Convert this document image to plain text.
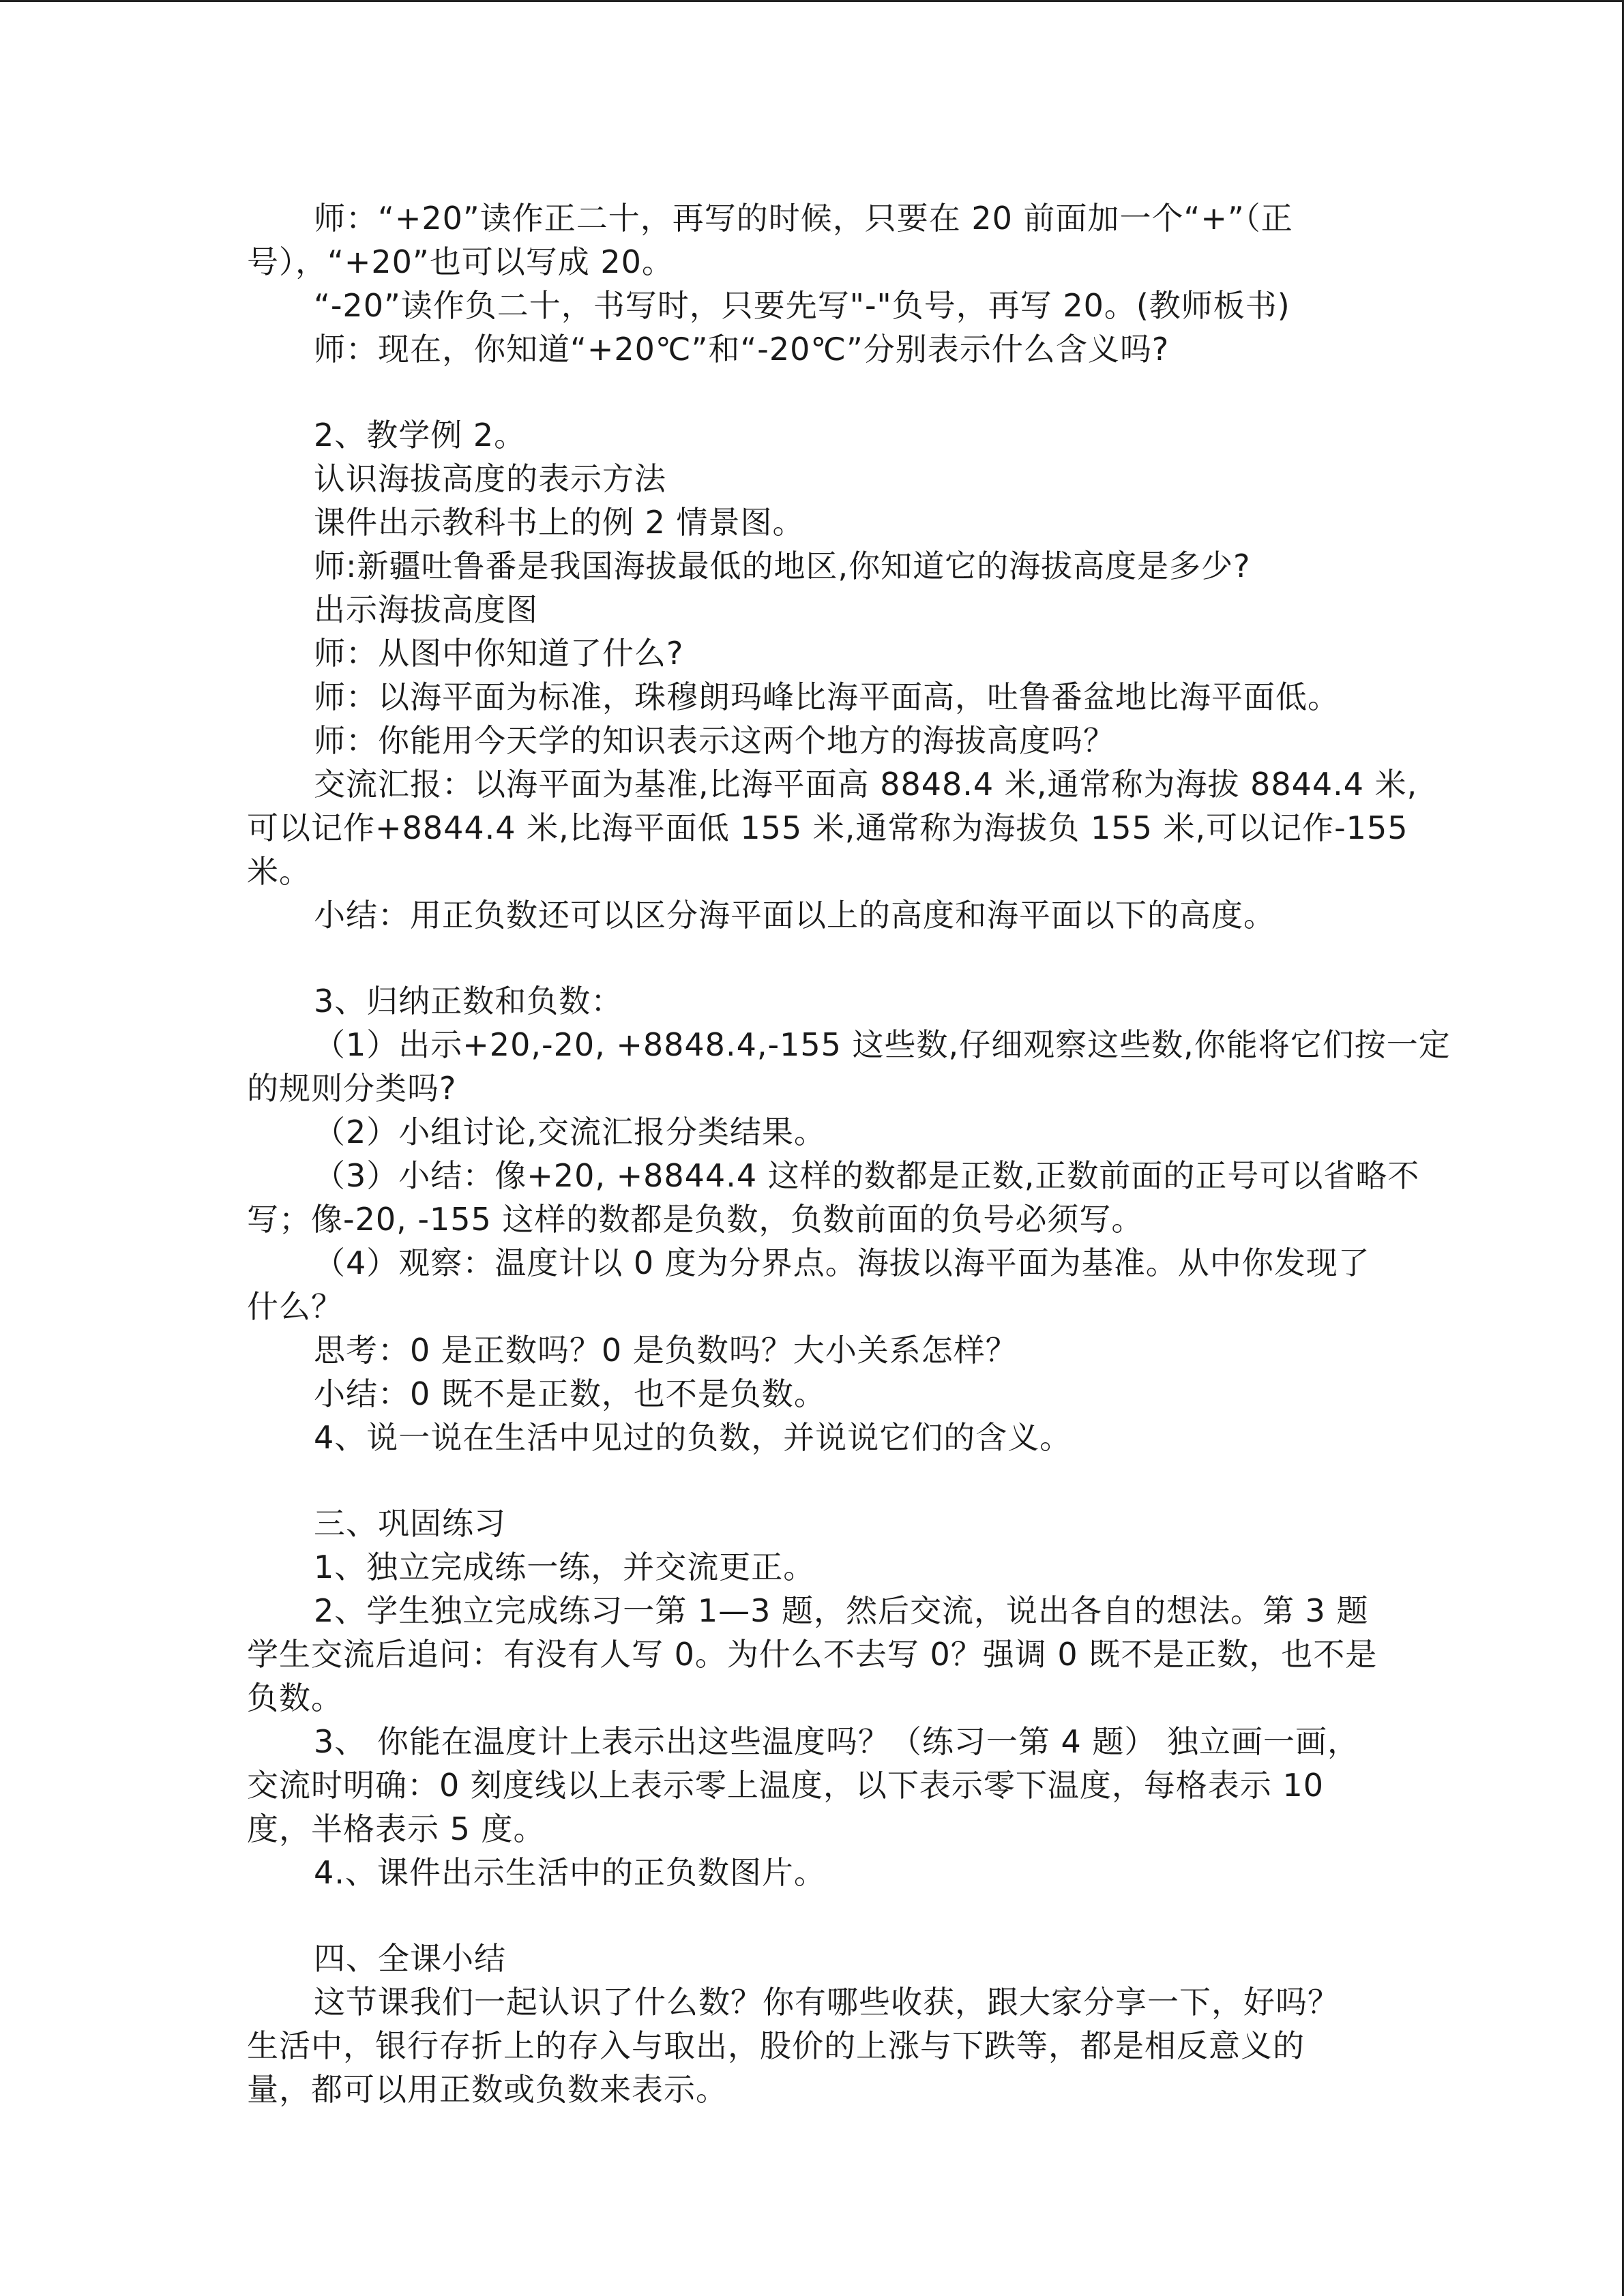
师：“+20”读作正二十，再写的时候，只要在 20 前面加一个“+”（正
号），“+20”也可以写成 20。
“-20”读作负二十，书写时，只要先写"-"负号，再写 20。(教师板书)
师：现在，你知道“+20℃”和“-20℃”分别表示什么含义吗?
2、教学例 2。
认识海拔高度的表示方法
课件出示教科书上的例 2 情景图。
师:新疆吐鲁番是我国海拔最低的地区,你知道它的海拔高度是多少?
出示海拔高度图
师：从图中你知道了什么?
师：以海平面为标准，珠穆朗玛峰比海平面高，吐鲁番盆地比海平面低。
师：你能用今天学的知识表示这两个地方的海拔高度吗？
交流汇报：以海平面为基准,比海平面高 8848.4 米,通常称为海拔 8844.4 米,
可以记作+8844.4 米,比海平面低 155 米,通常称为海拔负 155 米,可以记作-155
米。
小结：用正负数还可以区分海平面以上的高度和海平面以下的高度。
3、归纳正数和负数：
（1）出示+20,-20, +8848.4,-155 这些数,仔细观察这些数,你能将它们按一定
的规则分类吗?
（2）小组讨论,交流汇报分类结果。
（3）小结：像+20, +8844.4 这样的数都是正数,正数前面的正号可以省略不
写；像-20, -155 这样的数都是负数，负数前面的负号必须写。
（4）观察：温度计以 0 度为分界点。海拔以海平面为基准。从中你发现了
什么？
思考：0 是正数吗？0 是负数吗？大小关系怎样？
小结：0 既不是正数，也不是负数。
4、说一说在生活中见过的负数，并说说它们的含义。
三、巩固练习
1、独立完成练一练，并交流更正。
2、学生独立完成练习一第 1—3 题，然后交流，说出各自的想法。第 3 题
学生交流后追问：有没有人写 0。为什么不去写 0？强调 0 既不是正数，也不是
负数。
3、 你能在温度计上表示出这些温度吗？（练习一第 4 题） 独立画一画，
交流时明确：0 刻度线以上表示零上温度，以下表示零下温度，每格表示 10
度，半格表示 5 度。
4.、课件出示生活中的正负数图片。
四、全课小结
这节课我们一起认识了什么数？你有哪些收获，跟大家分享一下，好吗？
生活中，银行存折上的存入与取出，股价的上涨与下跌等，都是相反意义的
量，都可以用正数或负数来表示。
